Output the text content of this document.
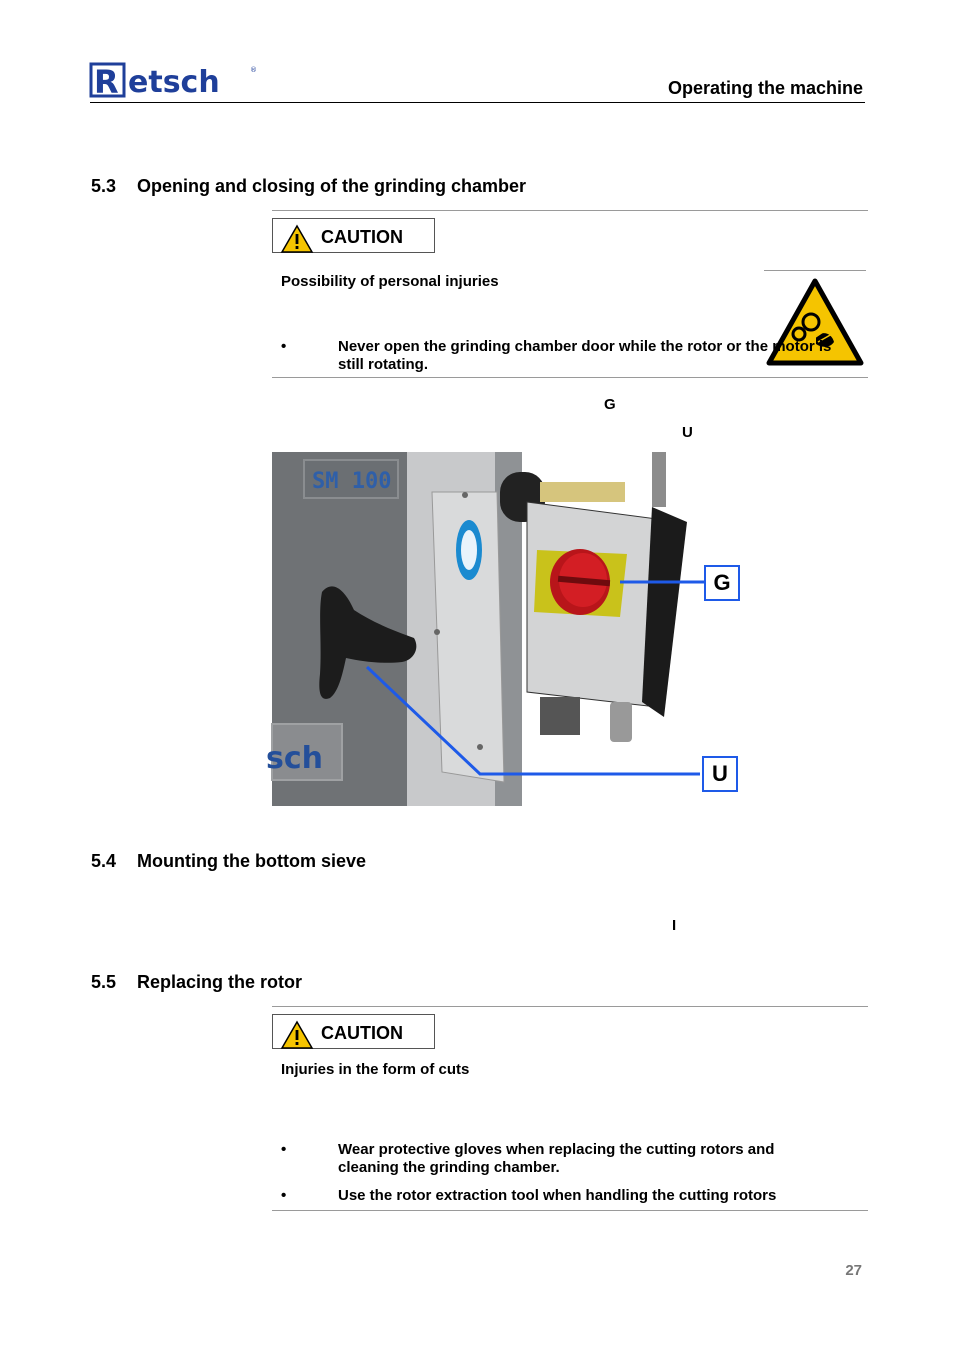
R etsch	®
Operating the machine
5.3 Opening and closing of the grinding chamber
CAUTION
Possibility of personal injuries
•	Never open the grinding chamber door while the rotor or the motor is still rotating.
G
U
sch
SM 100
G
U
5.4 Mounting the bottom sieve
I
5.5 Replacing the rotor
CAUTION
Injuries in the form of cuts
•	Wear protective gloves when replacing the cutting rotors and cleaning the grinding chamber.
•	Use the rotor extraction tool when handling the cutting rotors
27
